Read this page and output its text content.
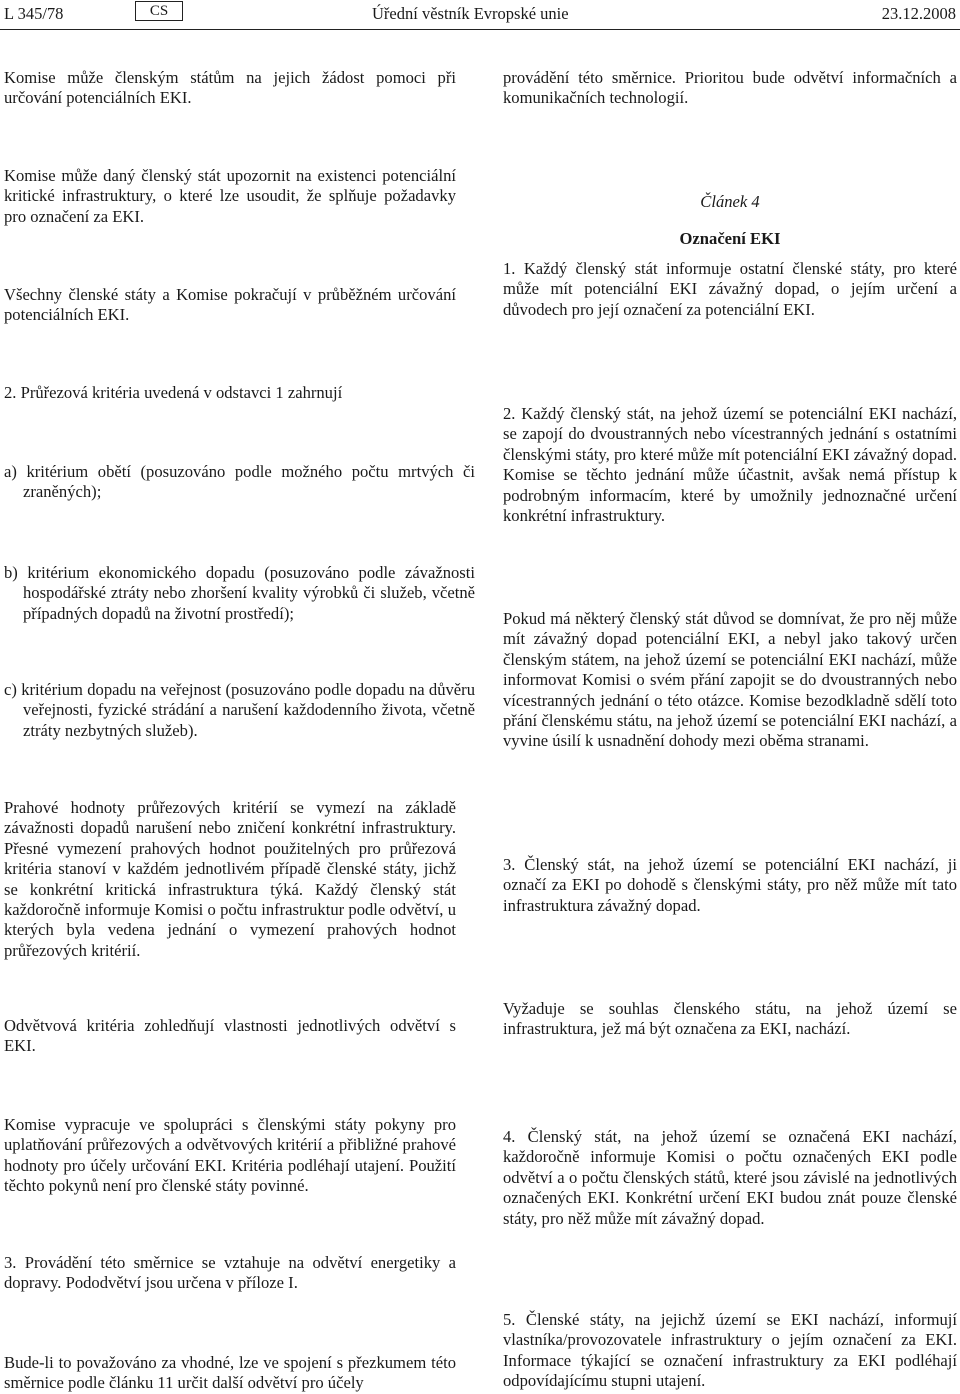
L 345/78	CS	Úřední věstník Evropské unie	23.12.2008

Komise může členským státům na jejich žádost pomoci při určování potenciálních EKI.

Komise může daný členský stát upozornit na existenci potenciální kritické infrastruktury, o které lze usoudit, že splňuje požadavky pro označení za EKI.

Všechny členské státy a Komise pokračují v průběžném určování potenciálních EKI.

2. Průřezová kritéria uvedená v odstavci 1 zahrnují

a) kritérium obětí (posuzováno podle možného počtu mrtvých či zraněných);

b) kritérium ekonomického dopadu (posuzováno podle závažnosti hospodářské ztráty nebo zhoršení kvality výrobků či služeb, včetně případných dopadů na životní prostředí);

c) kritérium dopadu na veřejnost (posuzováno podle dopadu na důvěru veřejnosti, fyzické strádání a narušení každodenního života, včetně ztráty nezbytných služeb).

Prahové hodnoty průřezových kritérií se vymezí na základě závažnosti dopadů narušení nebo zničení konkrétní infrastruktury. Přesné vymezení prahových hodnot použitelných pro průřezová kritéria stanoví v každém jednotlivém případě členské státy, jichž se konkrétní kritická infrastruktura týká. Každý členský stát každoročně informuje Komisi o počtu infrastruktur podle odvětví, u kterých byla vedena jednání o vymezení prahových hodnot průřezových kritérií.

Odvětvová kritéria zohledňují vlastnosti jednotlivých odvětví s EKI.

Komise vypracuje ve spolupráci s členskými státy pokyny pro uplatňování průřezových a odvětvových kritérií a přibližné prahové hodnoty pro účely určování EKI. Kritéria podléhají utajení. Použití těchto pokynů není pro členské státy povinné.

3. Provádění této směrnice se vztahuje na odvětví energetiky a dopravy. Pododvětví jsou určena v příloze I.

Bude-li to považováno za vhodné, lze ve spojení s přezkumem této směrnice podle článku 11 určit další odvětví pro účely

provádění této směrnice. Prioritou bude odvětví informačních a komunikačních technologií.

Článek 4

Označení EKI

1. Každý členský stát informuje ostatní členské státy, pro které může mít potenciální EKI závažný dopad, o jejím určení a důvodech pro její označení za potenciální EKI.

2. Každý členský stát, na jehož území se potenciální EKI nachází, se zapojí do dvoustranných nebo vícestranných jednání s ostatními členskými státy, pro které může mít potenciální EKI závažný dopad. Komise se těchto jednání může účastnit, avšak nemá přístup k podrobným informacím, které by umožnily jednoznačné určení konkrétní infrastruktury.

Pokud má některý členský stát důvod se domnívat, že pro něj může mít závažný dopad potenciální EKI, a nebyl jako takový určen členským státem, na jehož území se potenciální EKI nachází, může informovat Komisi o svém přání zapojit se do dvoustranných nebo vícestranných jednání o této otázce. Komise bezodkladně sdělí toto přání členskému státu, na jehož území se potenciální EKI nachází, a vyvine úsilí k usnadnění dohody mezi oběma stranami.

3. Členský stát, na jehož území se potenciální EKI nachází, ji označí za EKI po dohodě s členskými státy, pro něž může mít tato infrastruktura závažný dopad.

Vyžaduje se souhlas členského státu, na jehož území se infrastruktura, jež má být označena za EKI, nachází.

4. Členský stát, na jehož území se označená EKI nachází, každoročně informuje Komisi o počtu označených EKI podle odvětví a o počtu členských států, které jsou závislé na jednotlivých označených EKI. Konkrétní určení EKI budou znát pouze členské státy, pro něž může mít závažný dopad.

5. Členské státy, na jejichž území se EKI nachází, informují vlastníka/provozovatele infrastruktury o jejím označení za EKI. Informace týkající se označení infrastruktury za EKI podléhají odpovídajícímu stupni utajení.
